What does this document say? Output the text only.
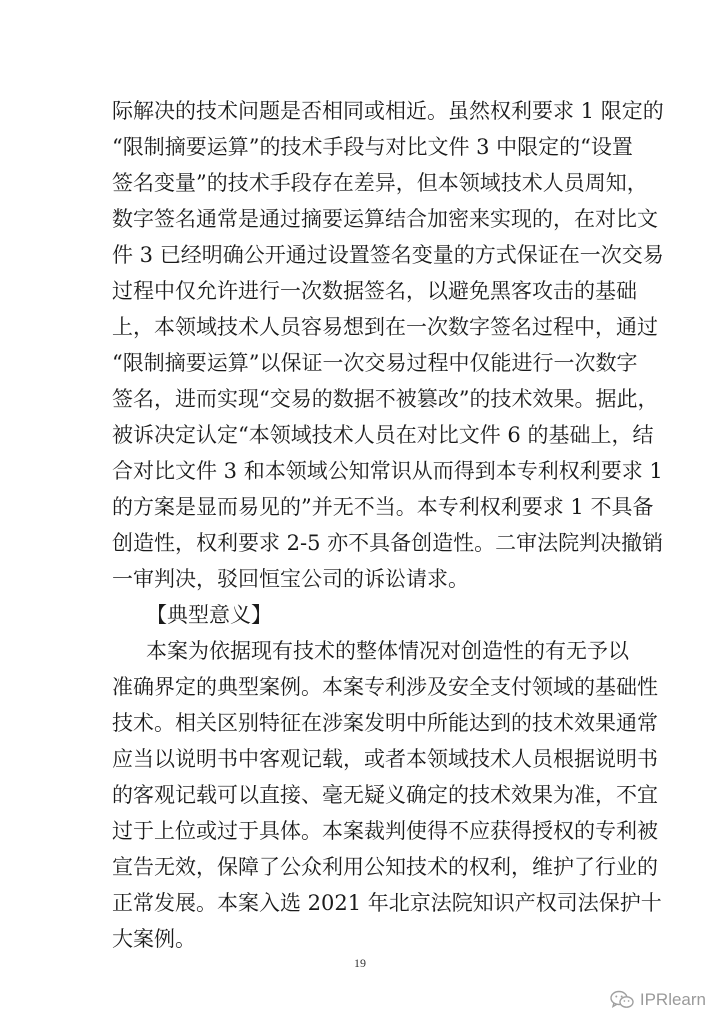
际解决的技术问题是否相同或相近。虽然权利要求 1 限定的
“限制摘要运算”的技术手段与对比文件 3 中限定的“设置
签名变量”的技术手段存在差异，但本领域技术人员周知，
数字签名通常是通过摘要运算结合加密来实现的，在对比文
件 3 已经明确公开通过设置签名变量的方式保证在一次交易
过程中仅允许进行一次数据签名，以避免黑客攻击的基础
上，本领域技术人员容易想到在一次数字签名过程中，通过
“限制摘要运算”以保证一次交易过程中仅能进行一次数字
签名，进而实现“交易的数据不被篡改”的技术效果。据此，
被诉决定认定“本领域技术人员在对比文件 6 的基础上，结
合对比文件 3 和本领域公知常识从而得到本专利权利要求 1
的方案是显而易见的”并无不当。本专利权利要求 1 不具备
创造性，权利要求 2-5 亦不具备创造性。二审法院判决撤销
一审判决，驳回恒宝公司的诉讼请求。
【典型意义】
本案为依据现有技术的整体情况对创造性的有无予以
准确界定的典型案例。本案专利涉及安全支付领域的基础性
技术。相关区别特征在涉案发明中所能达到的技术效果通常
应当以说明书中客观记载，或者本领域技术人员根据说明书
的客观记载可以直接、毫无疑义确定的技术效果为准，不宜
过于上位或过于具体。本案裁判使得不应获得授权的专利被
宣告无效，保障了公众利用公知技术的权利，维护了行业的
正常发展。本案入选 2021 年北京法院知识产权司法保护十
大案例。
19
IPRlearn
